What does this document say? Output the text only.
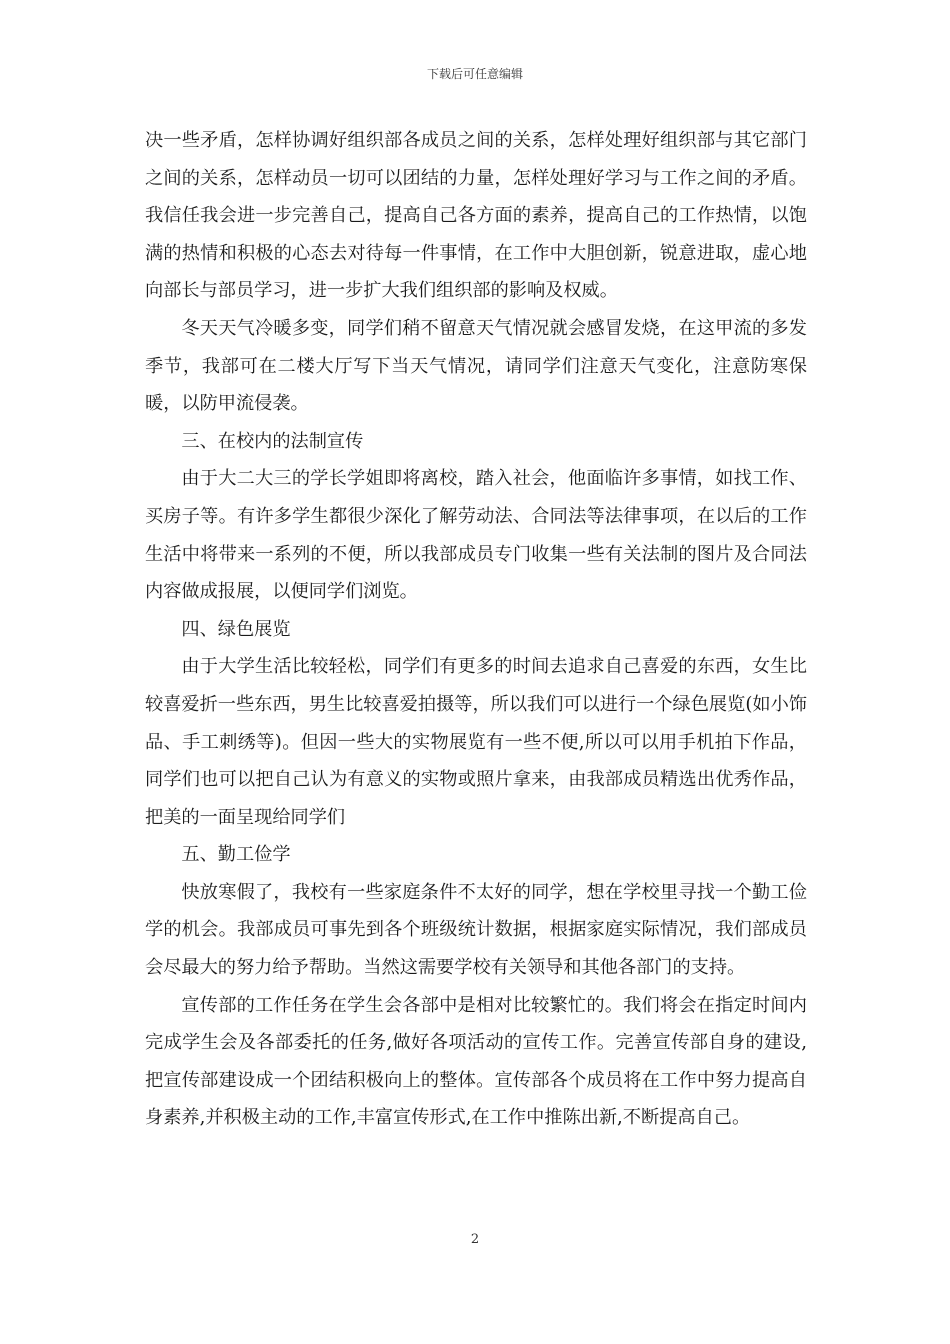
下载后可任意编辑

决一些矛盾，怎样协调好组织部各成员之间的关系，怎样处理好组织部与其它部门之间的关系，怎样动员一切可以团结的力量，怎样处理好学习与工作之间的矛盾。我信任我会进一步完善自己，提高自己各方面的素养，提高自己的工作热情，以饱满的热情和积极的心态去对待每一件事情，在工作中大胆创新，锐意进取，虚心地向部长与部员学习，进一步扩大我们组织部的影响及权威。

冬天天气冷暖多变，同学们稍不留意天气情况就会感冒发烧，在这甲流的多发季节，我部可在二楼大厅写下当天气情况，请同学们注意天气变化，注意防寒保暖，以防甲流侵袭。

三、在校内的法制宣传

由于大二大三的学长学姐即将离校，踏入社会，他面临许多事情，如找工作、买房子等。有许多学生都很少深化了解劳动法、合同法等法律事项，在以后的工作生活中将带来一系列的不便，所以我部成员专门收集一些有关法制的图片及合同法内容做成报展，以便同学们浏览。

四、绿色展览

由于大学生活比较轻松，同学们有更多的时间去追求自己喜爱的东西，女生比较喜爱折一些东西，男生比较喜爱拍摄等，所以我们可以进行一个绿色展览(如小饰品、手工刺绣等)。但因一些大的实物展览有一些不便,所以可以用手机拍下作品，同学们也可以把自己认为有意义的实物或照片拿来，由我部成员精选出优秀作品，把美的一面呈现给同学们

五、勤工俭学

快放寒假了，我校有一些家庭条件不太好的同学，想在学校里寻找一个勤工俭学的机会。我部成员可事先到各个班级统计数据，根据家庭实际情况，我们部成员会尽最大的努力给予帮助。当然这需要学校有关领导和其他各部门的支持。

宣传部的工作任务在学生会各部中是相对比较繁忙的。我们将会在指定时间内完成学生会及各部委托的任务,做好各项活动的宣传工作。完善宣传部自身的建设,把宣传部建设成一个团结积极向上的整体。宣传部各个成员将在工作中努力提高自身素养,并积极主动的工作,丰富宣传形式,在工作中推陈出新,不断提高自己。

2
